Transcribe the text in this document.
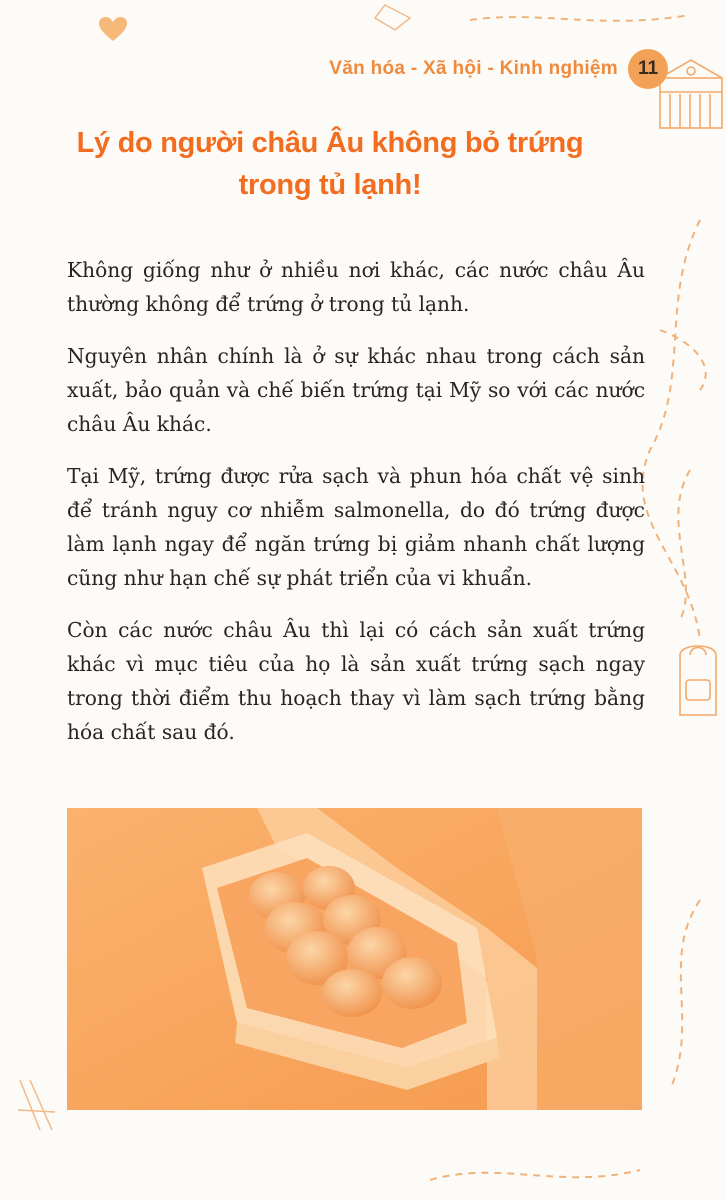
Văn hóa - Xã hội - Kinh nghiệm	11
Lý do người châu Âu không bỏ trứng
trong tủ lạnh!

Không giống như ở nhiều nơi khác, các nước châu Âu thường không để trứng ở trong tủ lạnh.

Nguyên nhân chính là ở sự khác nhau trong cách sản xuất, bảo quản và chế biến trứng tại Mỹ so với các nước châu Âu khác.

Tại Mỹ, trứng được rửa sạch và phun hóa chất vệ sinh để tránh nguy cơ nhiễm salmonella, do đó trứng được làm lạnh ngay để ngăn trứng bị giảm nhanh chất lượng cũng như hạn chế sự phát triển của vi khuẩn.

Còn các nước châu Âu thì lại có cách sản xuất trứng khác vì mục tiêu của họ là sản xuất trứng sạch ngay trong thời điểm thu hoạch thay vì làm sạch trứng bằng hóa chất sau đó.
